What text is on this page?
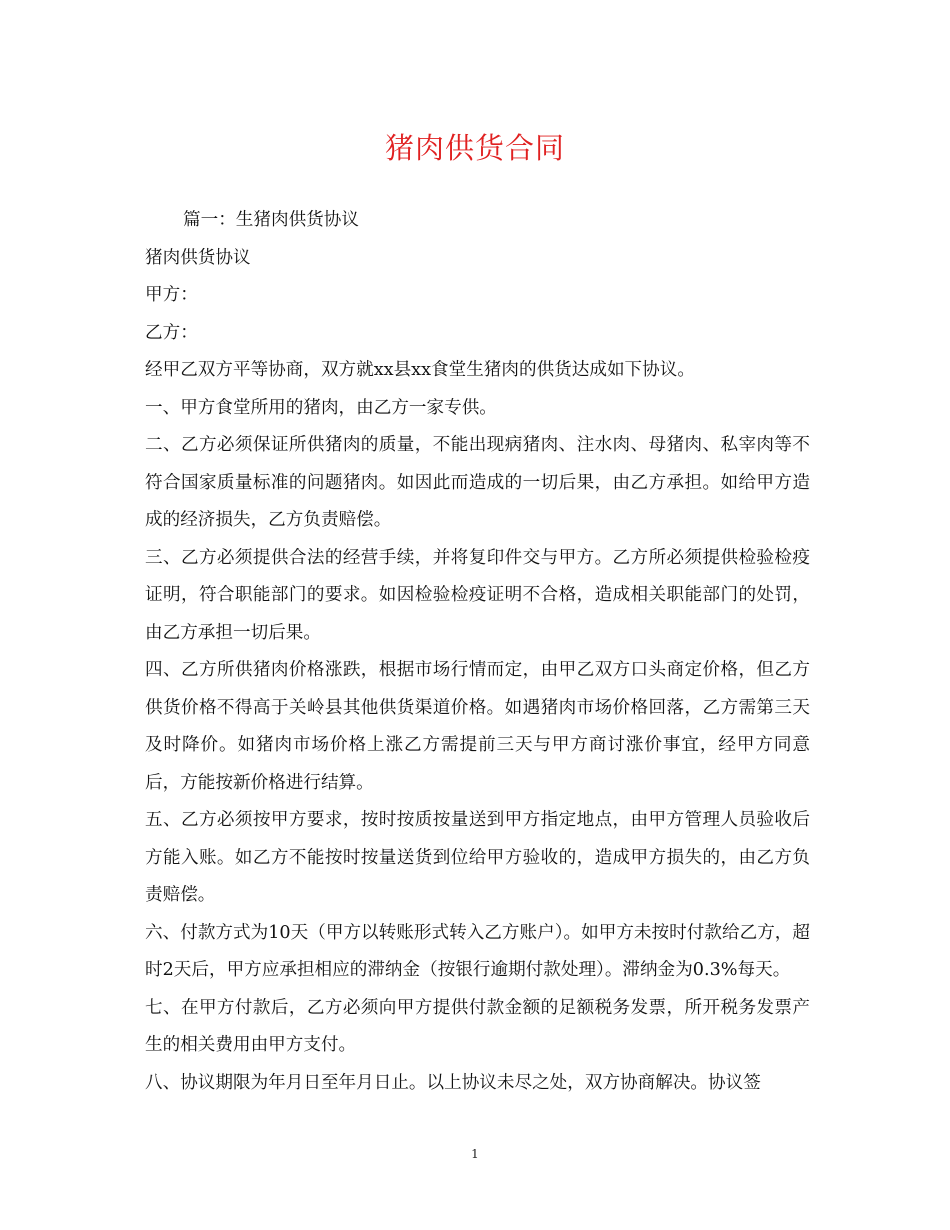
猪肉供货合同

篇一：生猪肉供货协议

猪肉供货协议

甲方：

乙方：

经甲乙双方平等协商，双方就xx县xx食堂生猪肉的供货达成如下协议。

一、甲方食堂所用的猪肉，由乙方一家专供。

二、乙方必须保证所供猪肉的质量，不能出现病猪肉、注水肉、母猪肉、私宰肉等不符合国家质量标准的问题猪肉。如因此而造成的一切后果，由乙方承担。如给甲方造成的经济损失，乙方负责赔偿。

三、乙方必须提供合法的经营手续，并将复印件交与甲方。乙方所必须提供检验检疫证明，符合职能部门的要求。如因检验检疫证明不合格，造成相关职能部门的处罚，由乙方承担一切后果。

四、乙方所供猪肉价格涨跌，根据市场行情而定，由甲乙双方口头商定价格，但乙方供货价格不得高于关岭县其他供货渠道价格。如遇猪肉市场价格回落，乙方需第三天及时降价。如猪肉市场价格上涨乙方需提前三天与甲方商讨涨价事宜，经甲方同意后，方能按新价格进行结算。

五、乙方必须按甲方要求，按时按质按量送到甲方指定地点，由甲方管理人员验收后方能入账。如乙方不能按时按量送货到位给甲方验收的，造成甲方损失的，由乙方负责赔偿。

六、付款方式为10天（甲方以转账形式转入乙方账户）。如甲方未按时付款给乙方，超时2天后，甲方应承担相应的滞纳金（按银行逾期付款处理）。滞纳金为0.3%每天。

七、在甲方付款后，乙方必须向甲方提供付款金额的足额税务发票，所开税务发票产生的相关费用由甲方支付。

八、协议期限为年月日至年月日止。以上协议未尽之处，双方协商解决。协议签

1
